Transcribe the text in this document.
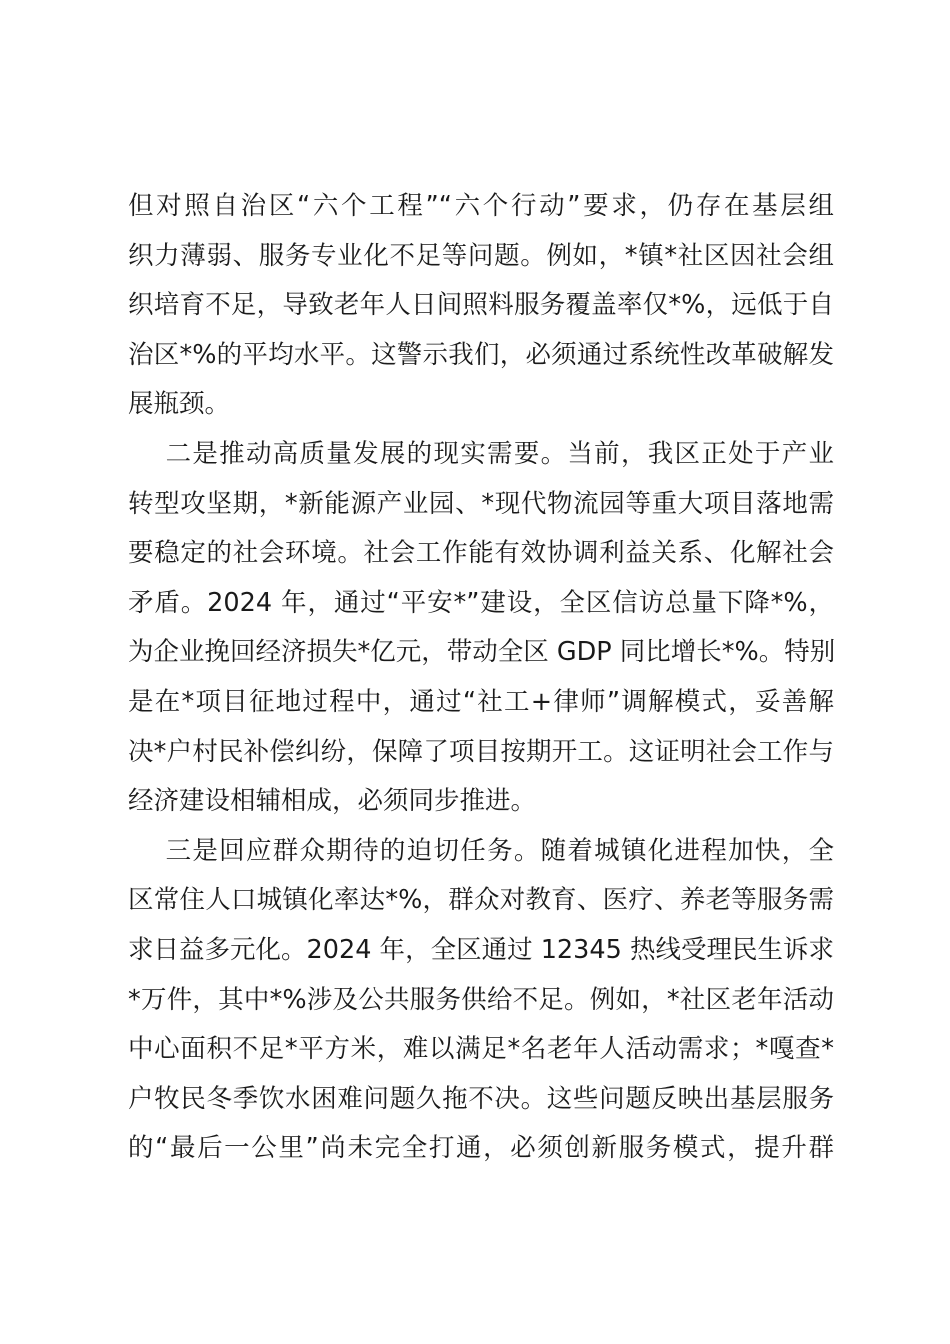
但对照自治区“六个工程”“六个行动”要求，仍存在基层组
织力薄弱、服务专业化不足等问题。例如，*镇*社区因社会组
织培育不足，导致老年人日间照料服务覆盖率仅*%，远低于自
治区*%的平均水平。这警示我们，必须通过系统性改革破解发
展瓶颈。
二是推动高质量发展的现实需要。当前，我区正处于产业
转型攻坚期，*新能源产业园、*现代物流园等重大项目落地需
要稳定的社会环境。社会工作能有效协调利益关系、化解社会
矛盾。2024 年，通过“平安*”建设，全区信访总量下降*%，
为企业挽回经济损失*亿元，带动全区 GDP 同比增长*%。特别
是在*项目征地过程中，通过“社工+律师”调解模式，妥善解
决*户村民补偿纠纷，保障了项目按期开工。这证明社会工作与
经济建设相辅相成，必须同步推进。
三是回应群众期待的迫切任务。随着城镇化进程加快，全
区常住人口城镇化率达*%，群众对教育、医疗、养老等服务需
求日益多元化。2024 年，全区通过 12345 热线受理民生诉求
*万件，其中*%涉及公共服务供给不足。例如，*社区老年活动
中心面积不足*平方米，难以满足*名老年人活动需求；*嘎查*
户牧民冬季饮水困难问题久拖不决。这些问题反映出基层服务
的“最后一公里”尚未完全打通，必须创新服务模式，提升群
